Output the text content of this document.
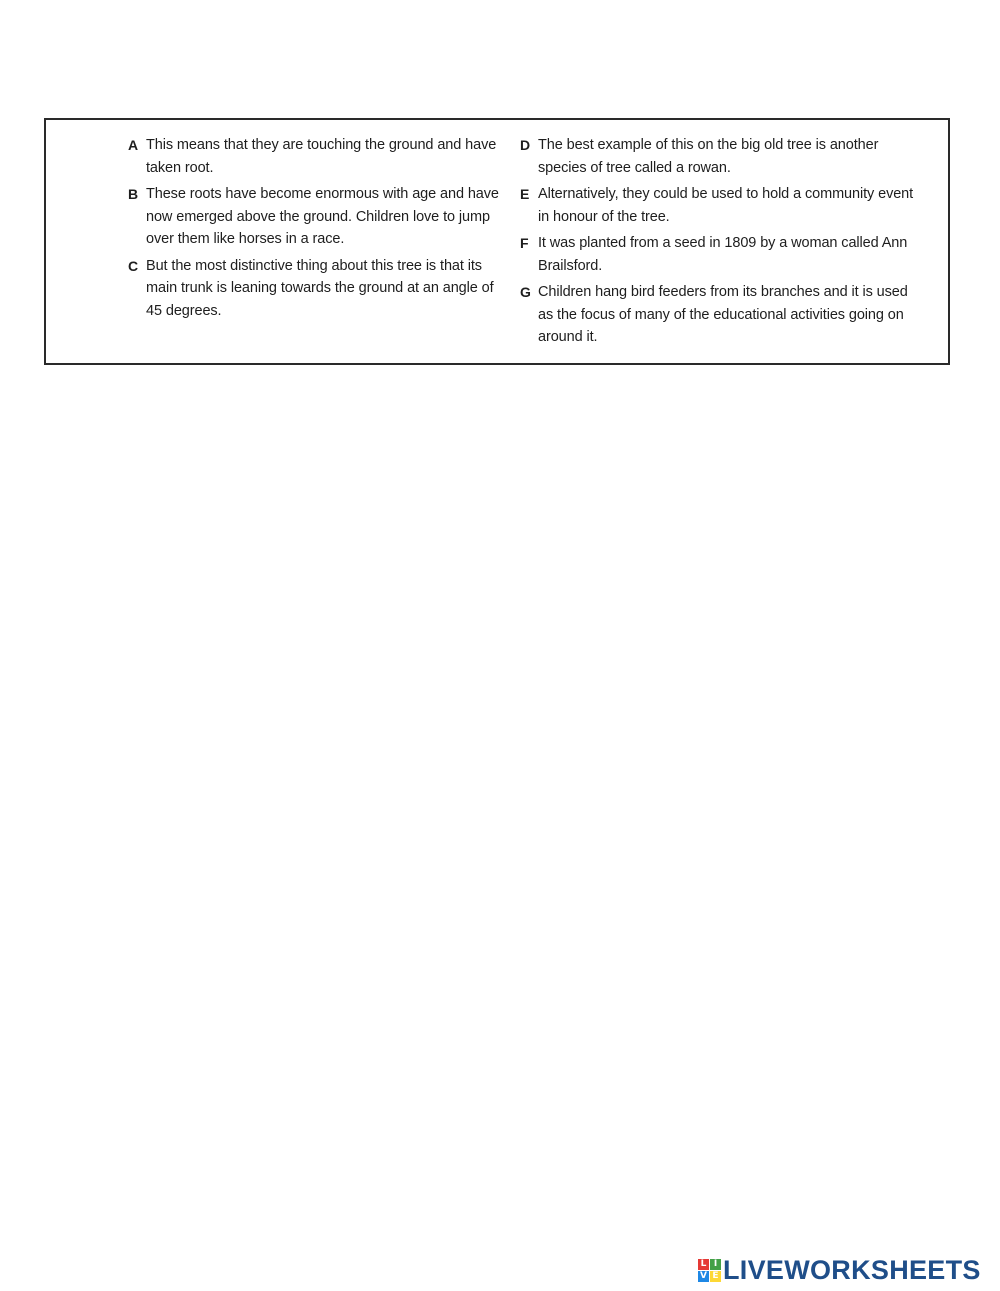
A This means that they are touching the ground and have taken root.
B These roots have become enormous with age and have now emerged above the ground. Children love to jump over them like horses in a race.
C But the most distinctive thing about this tree is that its main trunk is leaning towards the ground at an angle of 45 degrees.
D The best example of this on the big old tree is another species of tree called a rowan.
E Alternatively, they could be used to hold a community event in honour of the tree.
F It was planted from a seed in 1809 by a woman called Ann Brailsford.
G Children hang bird feeders from its branches and it is used as the focus of many of the educational activities going on around it.
L I
V E LIVEWORKSHEETS
